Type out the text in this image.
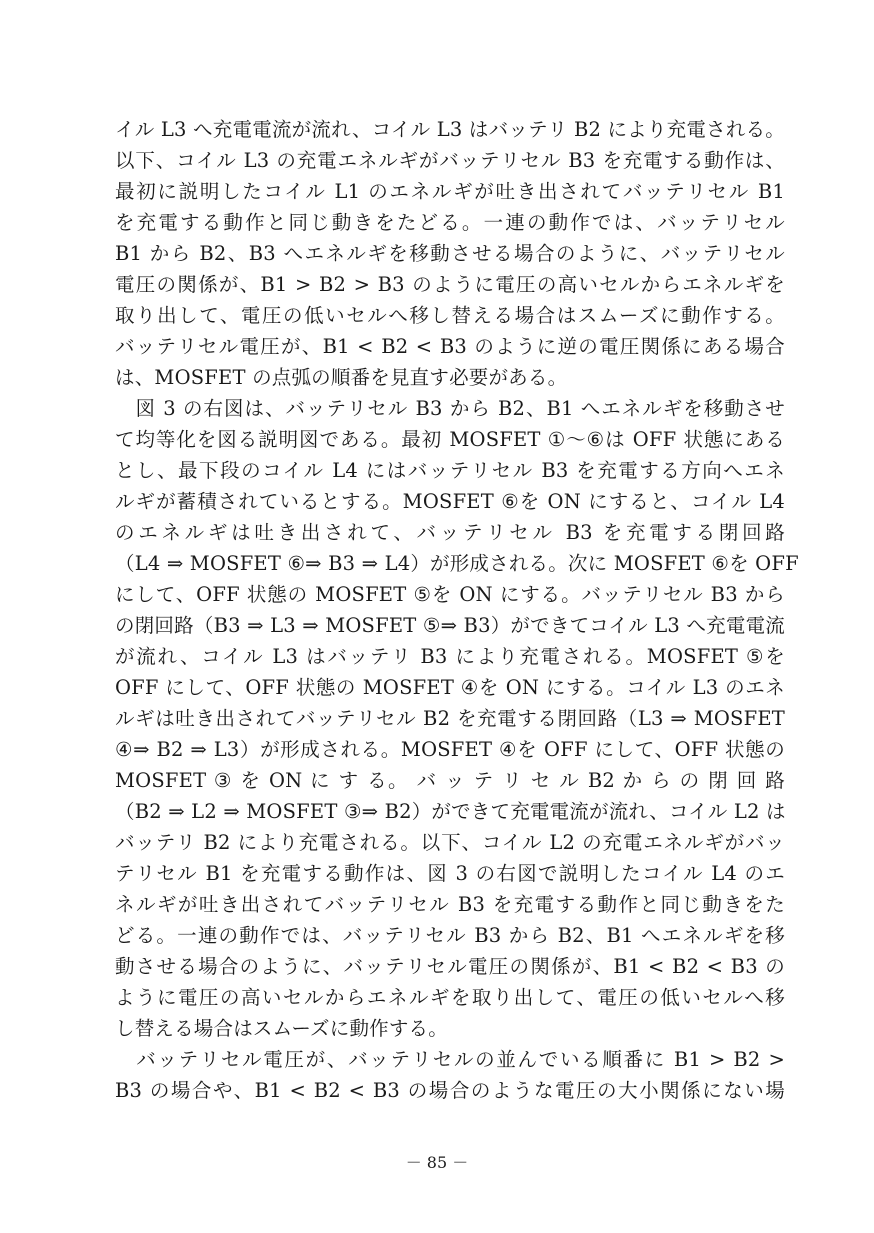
イル L3 へ充電電流が流れ、コイル L3 はバッテリ B2 により充電される。
以下、コイル L3 の充電エネルギがバッテリセル B3 を充電する動作は、
最初に説明したコイル L1 のエネルギが吐き出されてバッテリセル B1
を充電する動作と同じ動きをたどる。一連の動作では、バッテリセル
B1 から B2、B3 へエネルギを移動させる場合のように、バッテリセル
電圧の関係が、B1 > B2 > B3 のように電圧の高いセルからエネルギを
取り出して、電圧の低いセルへ移し替える場合はスムーズに動作する。
バッテリセル電圧が、B1 < B2 < B3 のように逆の電圧関係にある場合
は、MOSFET の点弧の順番を見直す必要がある。
　図 3 の右図は、バッテリセル B3 から B2、B1 へエネルギを移動させ
て均等化を図る説明図である。最初 MOSFET ①～⑥は OFF 状態にある
とし、最下段のコイル L4 にはバッテリセル B3 を充電する方向へエネ
ルギが蓄積されているとする。MOSFET ⑥を ON にすると、コイル L4
のエネルギは吐き出されて、バッテリセル B3 を充電する閉回路
（L4 ⇒ MOSFET ⑥⇒ B3 ⇒ L4）が形成される。次に MOSFET ⑥を OFF
にして、OFF 状態の MOSFET ⑤を ON にする。バッテリセル B3 から
の閉回路（B3 ⇒ L3 ⇒ MOSFET ⑤⇒ B3）ができてコイル L3 へ充電電流
が流れ、コイル L3 はバッテリ B3 により充電される。MOSFET ⑤を
OFF にして、OFF 状態の MOSFET ④を ON にする。コイル L3 のエネ
ルギは吐き出されてバッテリセル B2 を充電する閉回路（L3 ⇒ MOSFET
④⇒ B2 ⇒ L3）が形成される。MOSFET ④を OFF にして、OFF 状態の
MOSFET ③ を ON に す る。 バ ッ テ リ セ ル B2 か ら の 閉 回 路
（B2 ⇒ L2 ⇒ MOSFET ③⇒ B2）ができて充電電流が流れ、コイル L2 は
バッテリ B2 により充電される。以下、コイル L2 の充電エネルギがバッ
テリセル B1 を充電する動作は、図 3 の右図で説明したコイル L4 のエ
ネルギが吐き出されてバッテリセル B3 を充電する動作と同じ動きをた
どる。一連の動作では、バッテリセル B3 から B2、B1 へエネルギを移
動させる場合のように、バッテリセル電圧の関係が、B1 < B2 < B3 の
ように電圧の高いセルからエネルギを取り出して、電圧の低いセルへ移
し替える場合はスムーズに動作する。
　バッテリセル電圧が、バッテリセルの並んでいる順番に B1 > B2 >
B3 の場合や、B1 < B2 < B3 の場合のような電圧の大小関係にない場
－ 85 －
